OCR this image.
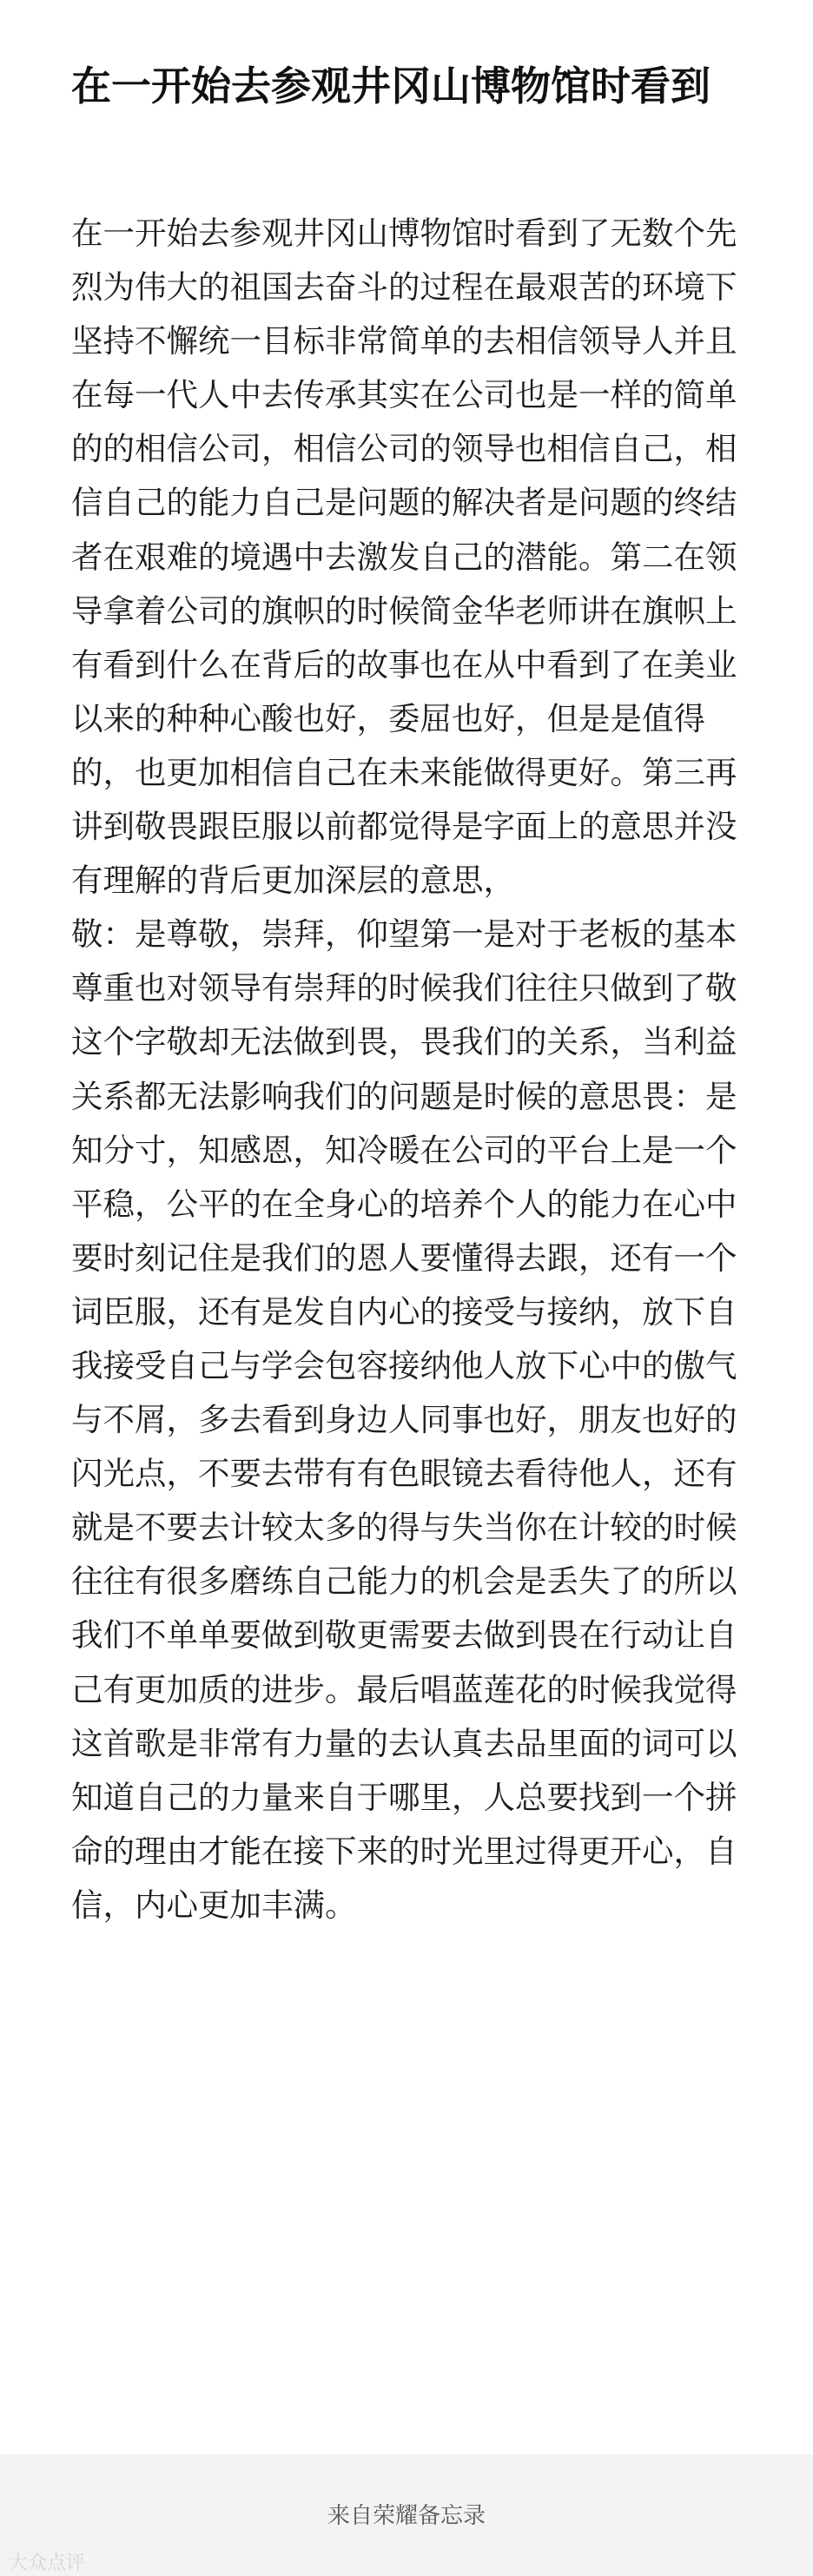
在一开始去参观井冈山博物馆时看到
在一开始去参观井冈山博物馆时看到了无数个先烈为伟大的祖国去奋斗的过程在最艰苦的环境下坚持不懈统一目标非常简单的去相信领导人并且在每一代人中去传承其实在公司也是一样的简单的的相信公司，相信公司的领导也相信自己，相信自己的能力自己是问题的解决者是问题的终结者在艰难的境遇中去激发自己的潜能。第二在领导拿着公司的旗帜的时候简金华老师讲在旗帜上有看到什么在背后的故事也在从中看到了在美业以来的种种心酸也好，委屈也好，但是是值得的，也更加相信自己在未来能做得更好。第三再讲到敬畏跟臣服以前都觉得是字面上的意思并没有理解的背后更加深层的意思，
敬：是尊敬，崇拜，仰望第一是对于老板的基本尊重也对领导有崇拜的时候我们往往只做到了敬这个字敬却无法做到畏，畏我们的关系，当利益关系都无法影响我们的问题是时候的意思畏：是知分寸，知感恩，知冷暖在公司的平台上是一个平稳，公平的在全身心的培养个人的能力在心中要时刻记住是我们的恩人要懂得去跟，还有一个词臣服，还有是发自内心的接受与接纳，放下自我接受自己与学会包容接纳他人放下心中的傲气与不屑，多去看到身边人同事也好，朋友也好的闪光点，不要去带有有色眼镜去看待他人，还有就是不要去计较太多的得与失当你在计较的时候往往有很多磨练自己能力的机会是丢失了的所以我们不单单要做到敬更需要去做到畏在行动让自己有更加质的进步。最后唱蓝莲花的时候我觉得这首歌是非常有力量的去认真去品里面的词可以知道自己的力量来自于哪里，人总要找到一个拼命的理由才能在接下来的时光里过得更开心，自信，内心更加丰满。
来自荣耀备忘录
大众点评
